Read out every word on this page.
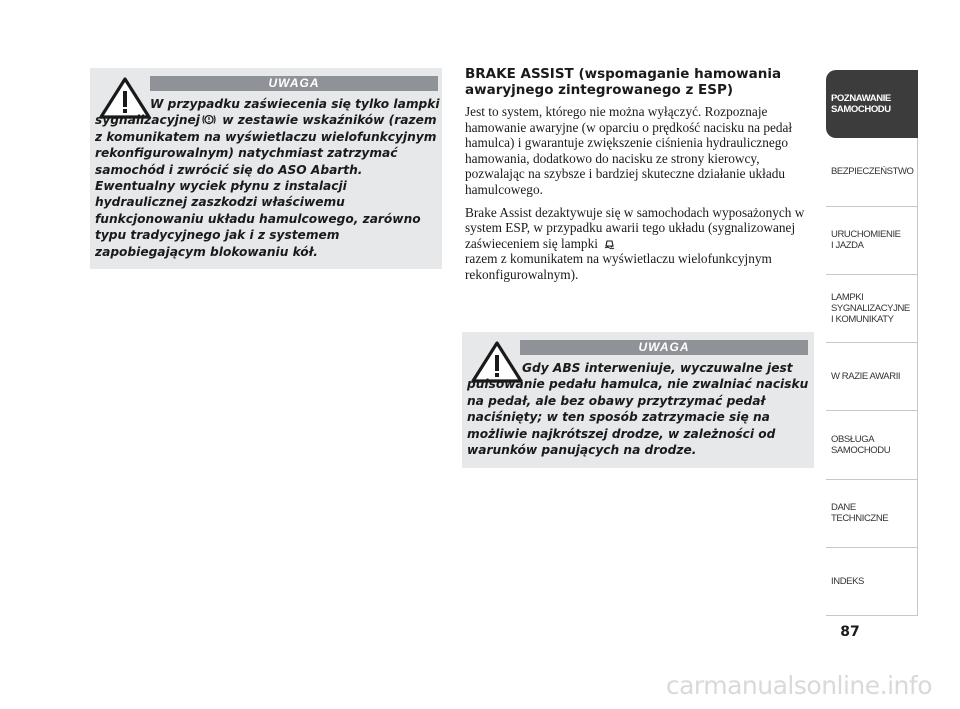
UWAGA

W przypadku zaświecenia się tylko lampki sygnalizacyjnej w zestawie wskaźników (razem z komunikatem na wyświetlaczu wielofunkcyjnym rekonfigurowalnym) natychmiast zatrzymać samochód i zwrócić się do ASO Abarth. Ewentualny wyciek płynu z instalacji hydraulicznej zaszkodzi właściwemu funkcjonowaniu układu hamulcowego, zarówno typu tradycyjnego jak i z systemem zapobiegającym blokowaniu kół.

BRAKE ASSIST (wspomaganie hamowania awaryjnego zintegrowanego z ESP)

Jest to system, którego nie można wyłączyć. Rozpoznaje hamowanie awaryjne (w oparciu o prędkość nacisku na pedał hamulca) i gwarantuje zwiększenie ciśnienia hydraulicznego hamowania, dodatkowo do nacisku ze strony kierowcy, pozwalając na szybsze i bardziej skuteczne działanie układu hamulcowego.

Brake Assist dezaktywuje się w samochodach wyposażonych w system ESP, w przypadku awarii tego układu (sygnalizowanej zaświeceniem się lampki
razem z komunikatem na wyświetlaczu wielofunkcyjnym rekonfigurowalnym).

UWAGA

Gdy ABS interweniuje, wyczuwalne jest pulsowanie pedału hamulca, nie zwalniać nacisku na pedał, ale bez obawy przytrzymać pedał naciśnięty; w ten sposób zatrzymacie się na możliwie najkrótszej drodze, w zależności od warunków panujących na drodze.

POZNAWANIE
SAMOCHODU
BEZPIECZEŃSTWO
URUCHOMIENIE
I JAZDA
LAMPKI
SYGNALIZACYJNE
I KOMUNIKATY
W RAZIE AWARII
OBSŁUGA
SAMOCHODU
DANE
TECHNICZNE
INDEKS
87
carmanualsonline.info
